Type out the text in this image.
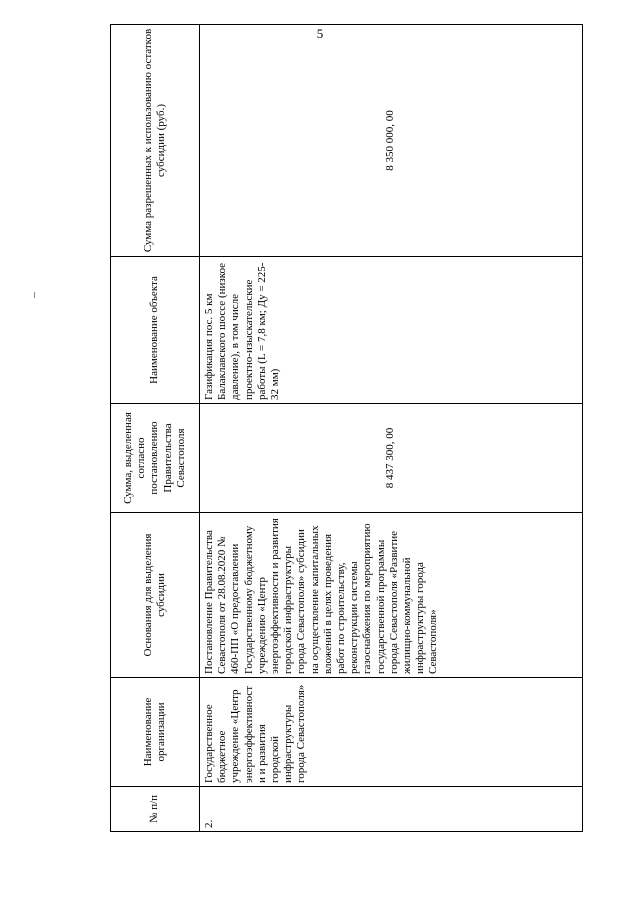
5
№ п/п	Наименование организации	Основания для выделения субсидии	Сумма, выделенная согласно постановлению Правительства Севастополя	Наименование объекта	Сумма разрешенных к использованию остатков субсидии (руб.)
2.	Государственное бюджетное учреждение «Центр энергоэффективности и развития городской инфраструктуры города Севастополя»	Постановление Правительства Севастополя от 28.08.2020 № 460-ПП «О предоставлении Государственному бюджетному учреждению «Центр энергоэффективности и развития городской инфраструктуры города Севастополя» субсидии на осуществление капитальных вложений в целях проведения работ по строительству, реконструкции системы газоснабжения по мероприятию государственной программы города Севастополя «Развитие жилищно-коммунальной инфраструктуры города Севастополя»	8 437 300, 00	Газификация пос. 5 км Балаклавского шоссе (низкое давление), в том числе проектно-изыскательские работы (L = 7,8 км; Ду = 225-32 мм)	8 350 000, 00
